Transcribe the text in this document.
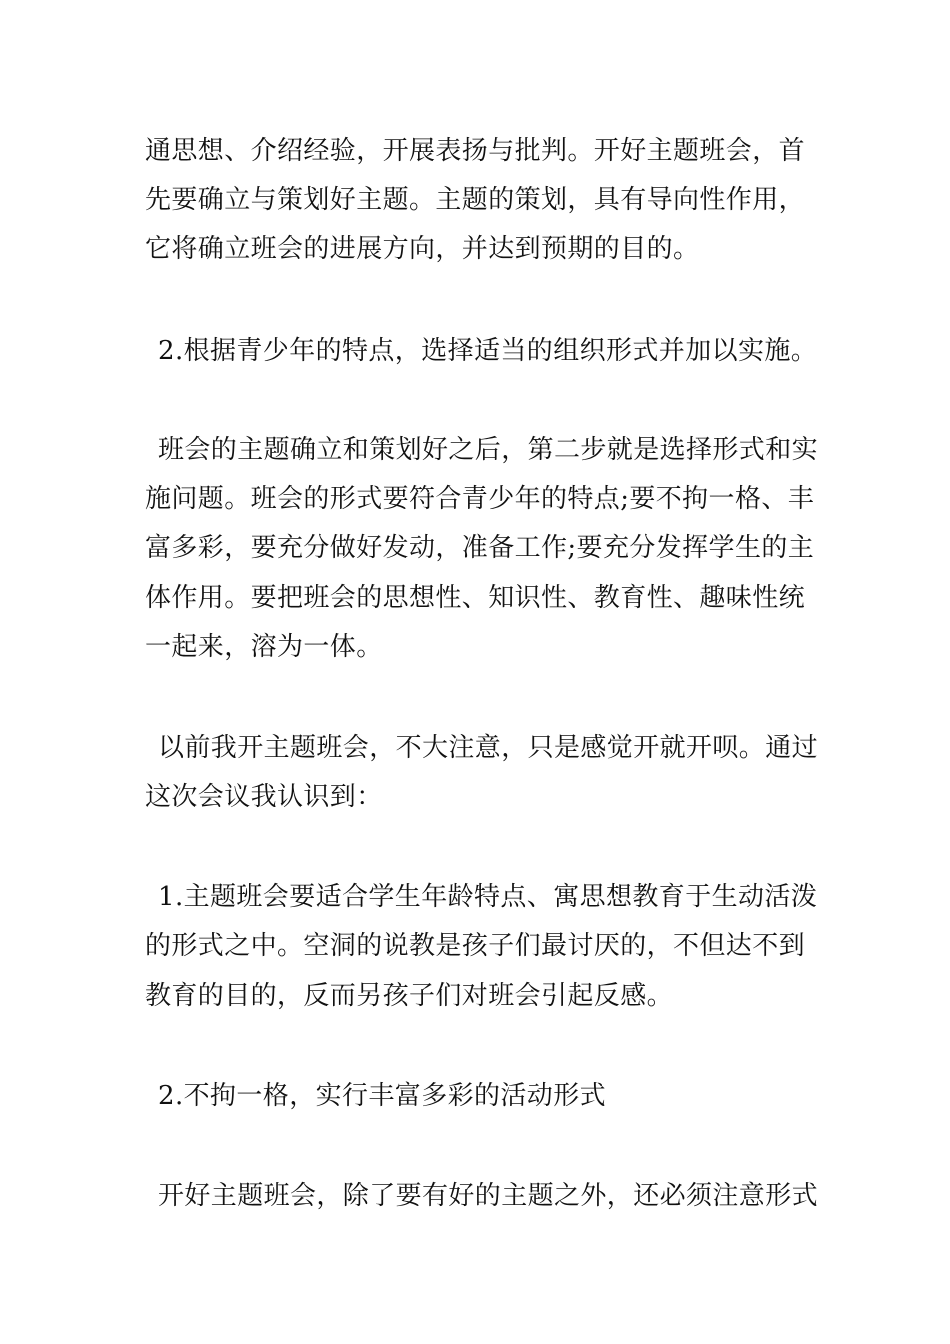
通思想、介绍经验，开展表扬与批判。开好主题班会，首
先要确立与策划好主题。主题的策划，具有导向性作用，
它将确立班会的进展方向，并达到预期的目的。
2.根据青少年的特点，选择适当的组织形式并加以实施。
班会的主题确立和策划好之后，第二步就是选择形式和实
施问题。班会的形式要符合青少年的特点;要不拘一格、丰
富多彩，要充分做好发动，准备工作;要充分发挥学生的主
体作用。要把班会的思想性、知识性、教育性、趣味性统
一起来，溶为一体。
以前我开主题班会，不大注意，只是感觉开就开呗。通过
这次会议我认识到：
1.主题班会要适合学生年龄特点、寓思想教育于生动活泼
的形式之中。空洞的说教是孩子们最讨厌的，不但达不到
教育的目的，反而另孩子们对班会引起反感。
2.不拘一格，实行丰富多彩的活动形式
开好主题班会，除了要有好的主题之外，还必须注意形式
